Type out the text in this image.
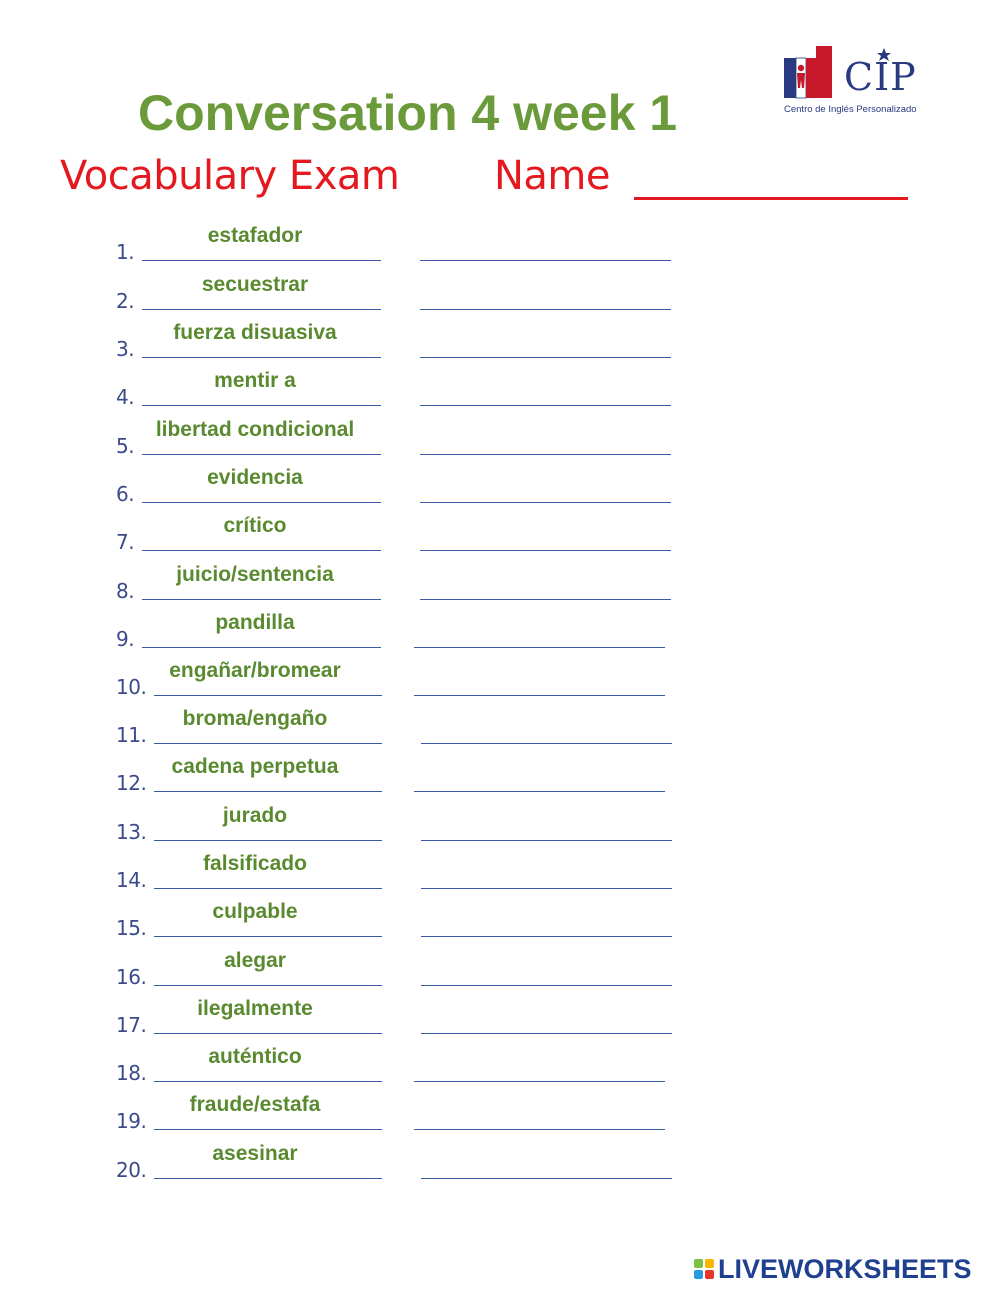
Conversation 4 week 1
Vocabulary Exam Name
CIP
Centro de Inglés Personalizado
1.
estafador
2.
secuestrar
3.
fuerza disuasiva
4.
mentir a
5.
libertad condicional
6.
evidencia
7.
crítico
8.
juicio/sentencia
9.
pandilla
10.
engañar/bromear
11.
broma/engaño
12.
cadena perpetua
13.
jurado
14.
falsificado
15.
culpable
16.
alegar
17.
ilegalmente
18.
auténtico
19.
fraude/estafa
20.
asesinar
LIVEWORKSHEETS
